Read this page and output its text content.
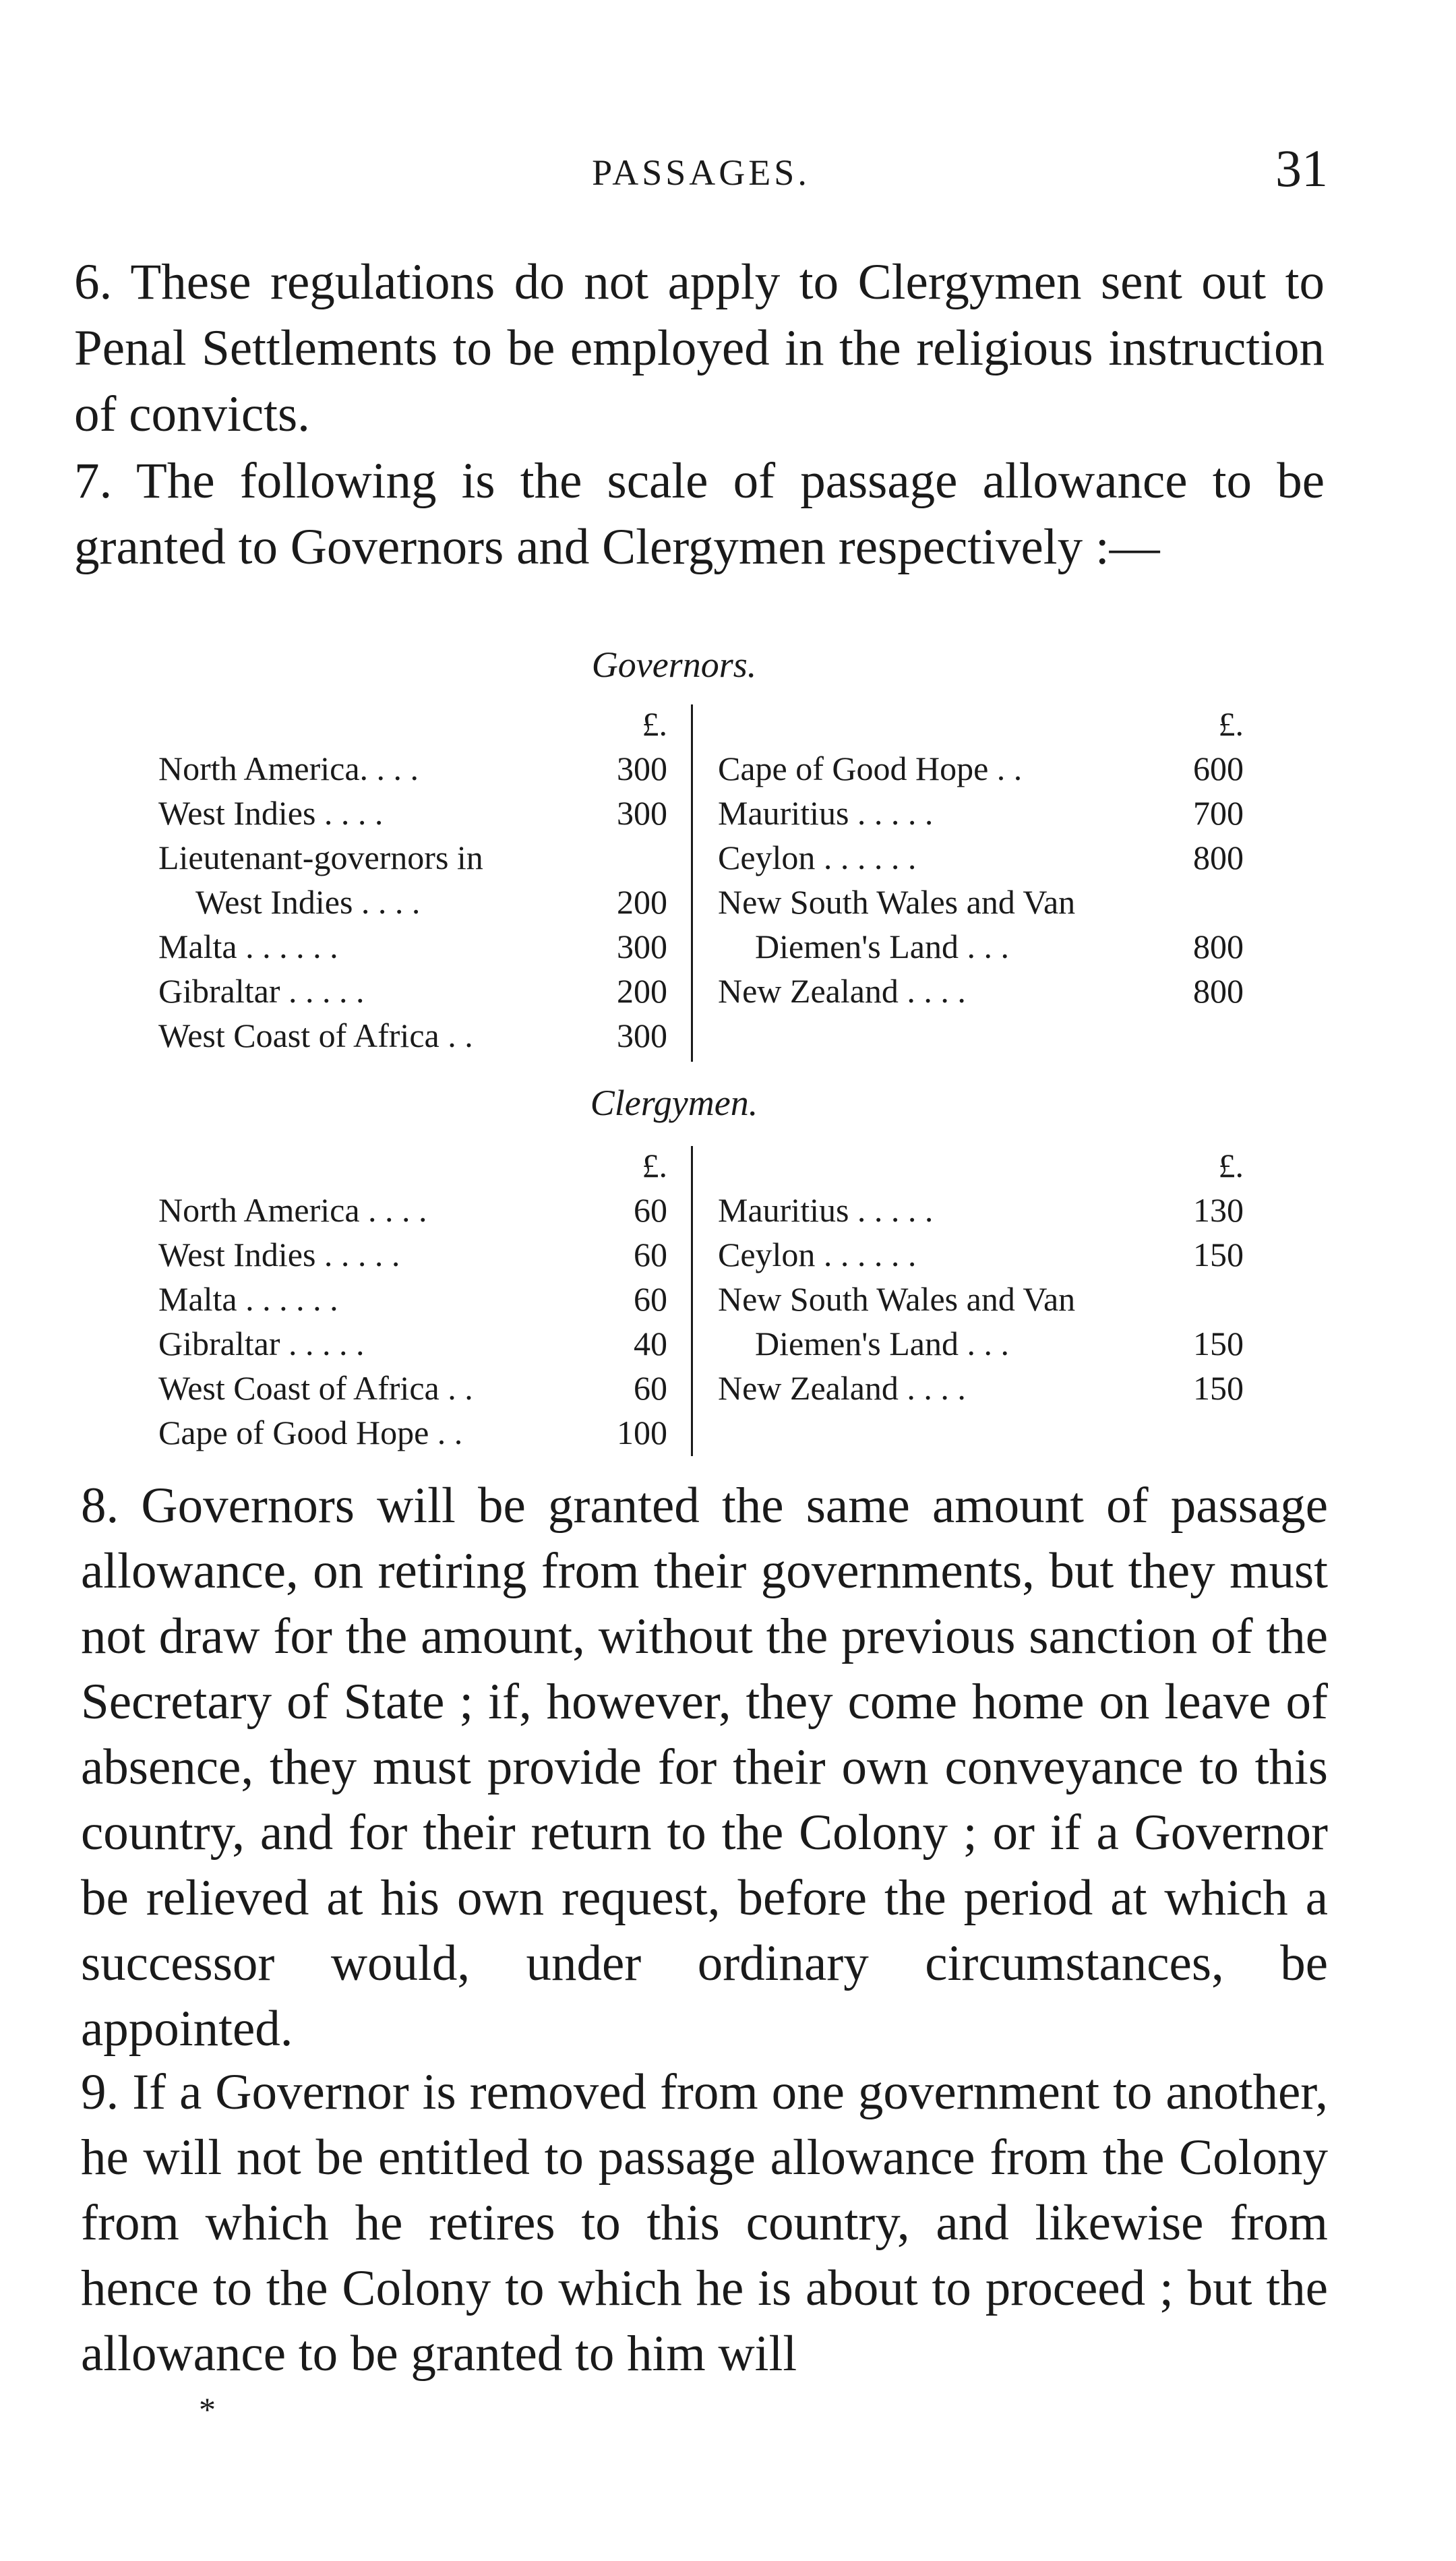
PASSAGES.	31

6. These regulations do not apply to Clergymen sent out to Penal Settlements to be employed in the religious instruction of convicts.

7. The following is the scale of passage allowance to be granted to Governors and Clergymen respectively :—

Governors.
£.
North America. . . .	300
West Indies . . . .	300
Lieutenant-governors in
West Indies . . . .	200
Malta . . . . . .	300
Gibraltar . . . . .	200
West Coast of Africa . .	300
£.
Cape of Good Hope . .	600
Mauritius . . . . .	700
Ceylon . . . . . .	800
New South Wales and Van
Diemen's Land . . .	800
New Zealand . . . .	800
Clergymen.
£.
North America . . . .	60
West Indies . . . . .	60
Malta . . . . . .	60
Gibraltar . . . . .	40
West Coast of Africa . .	60
Cape of Good Hope . .	100
£.
Mauritius . . . . .	130
Ceylon . . . . . .	150
New South Wales and Van
Diemen's Land . . .	150
New Zealand . . . .	150

8. Governors will be granted the same amount of passage allowance, on retiring from their governments, but they must not draw for the amount, without the previous sanction of the Secretary of State ; if, however, they come home on leave of absence, they must provide for their own conveyance to this country, and for their return to the Colony ; or if a Governor be relieved at his own request, before the period at which a successor would, under ordinary circumstances, be appointed.

9. If a Governor is removed from one government to another, he will not be entitled to passage allowance from the Colony from which he retires to this country, and likewise from hence to the Colony to which he is about to proceed ; but the allowance to be granted to him will

*
